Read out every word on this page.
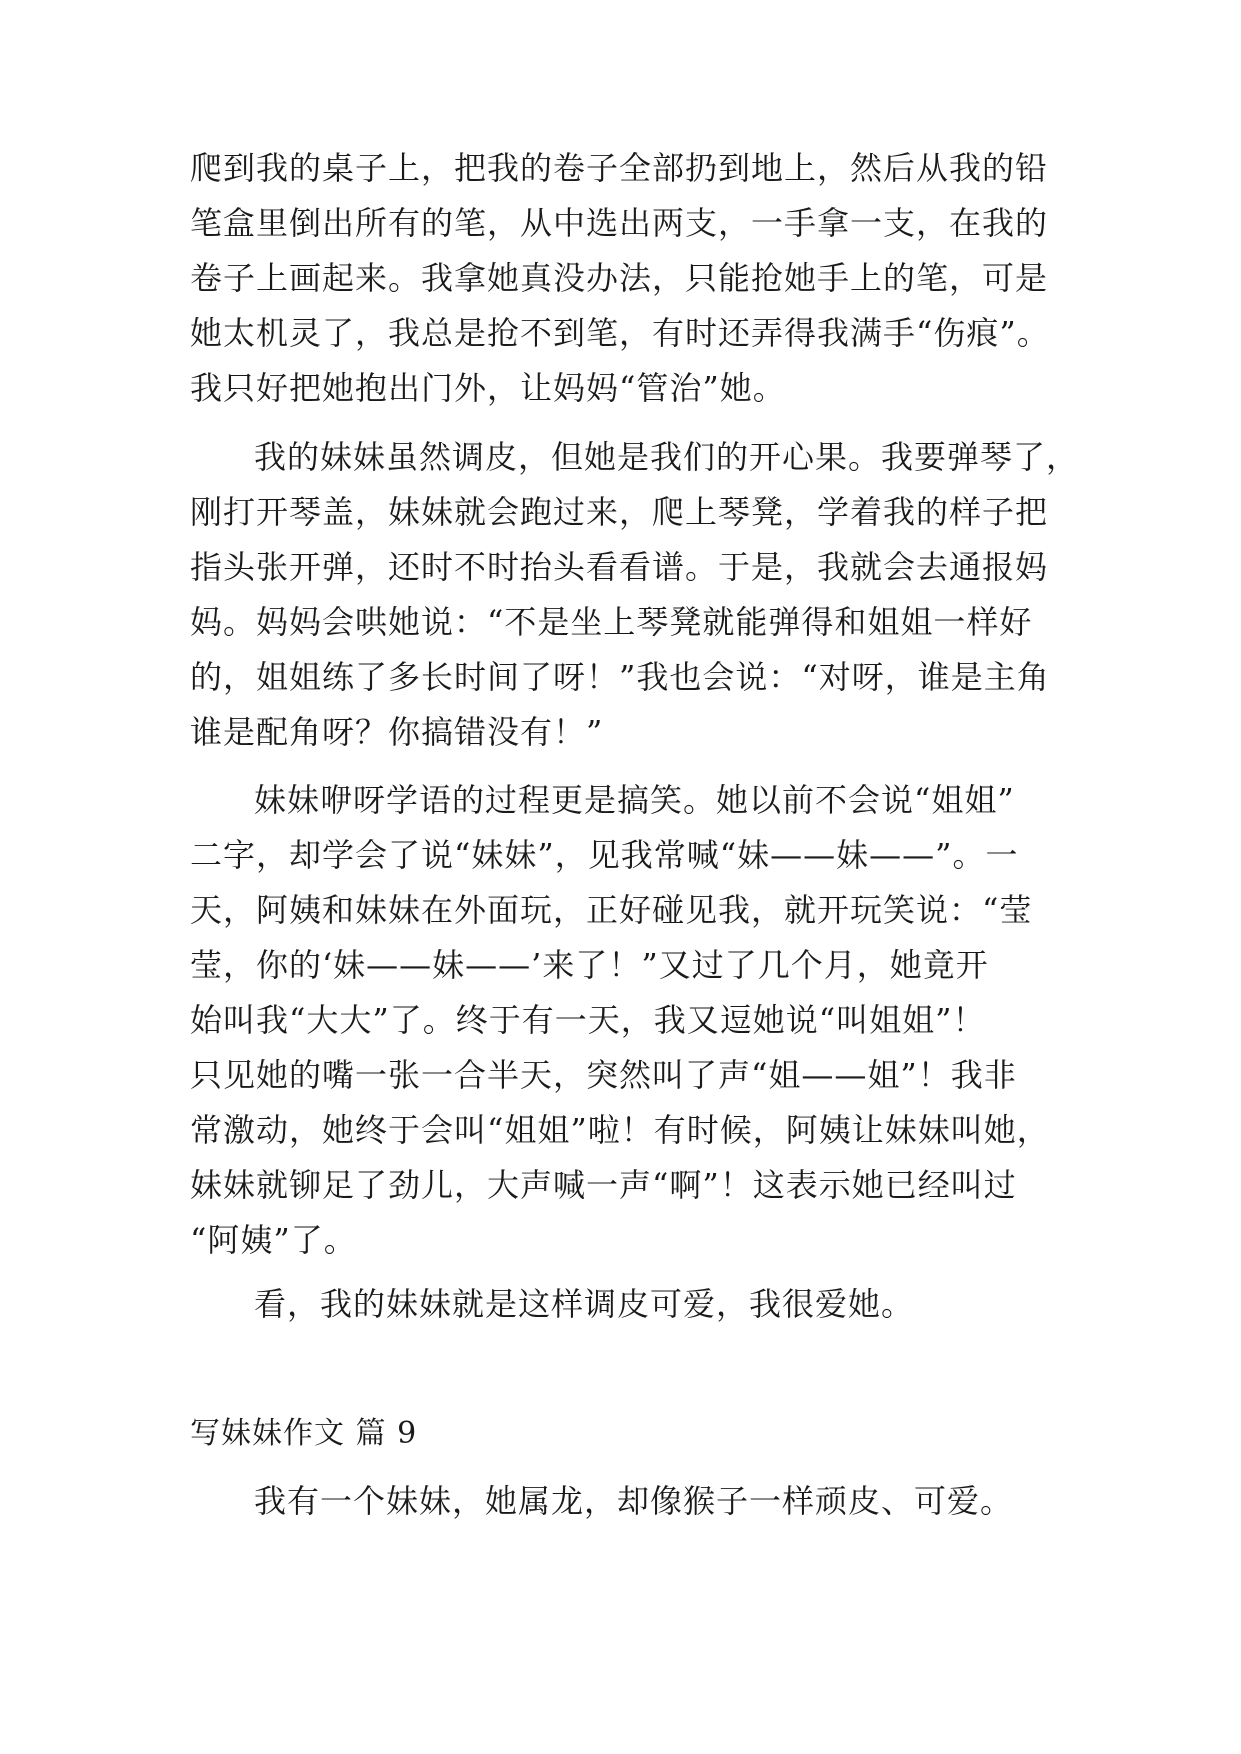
爬到我的桌子上，把我的卷子全部扔到地上，然后从我的铅
笔盒里倒出所有的笔，从中选出两支，一手拿一支，在我的
卷子上画起来。我拿她真没办法，只能抢她手上的笔，可是
她太机灵了，我总是抢不到笔，有时还弄得我满手“伤痕”。
我只好把她抱出门外，让妈妈“管治”她。
我的妹妹虽然调皮，但她是我们的开心果。我要弹琴了，
刚打开琴盖，妹妹就会跑过来，爬上琴凳，学着我的样子把
指头张开弹，还时不时抬头看看谱。于是，我就会去通报妈
妈。妈妈会哄她说：“不是坐上琴凳就能弹得和姐姐一样好
的，姐姐练了多长时间了呀！”我也会说：“对呀，谁是主角
谁是配角呀？你搞错没有！”
妹妹咿呀学语的过程更是搞笑。她以前不会说“姐姐”
二字，却学会了说“妹妹”，见我常喊“妹——妹——”。一
天，阿姨和妹妹在外面玩，正好碰见我，就开玩笑说：“莹
莹，你的‘妹——妹——’来了！”又过了几个月，她竟开
始叫我“大大”了。终于有一天，我又逗她说“叫姐姐”！
只见她的嘴一张一合半天，突然叫了声“姐——姐”！我非
常激动，她终于会叫“姐姐”啦！有时候，阿姨让妹妹叫她，
妹妹就铆足了劲儿，大声喊一声“啊”！这表示她已经叫过
“阿姨”了。
看，我的妹妹就是这样调皮可爱，我很爱她。
写妹妹作文 篇 9
我有一个妹妹，她属龙，却像猴子一样顽皮、可爱。
